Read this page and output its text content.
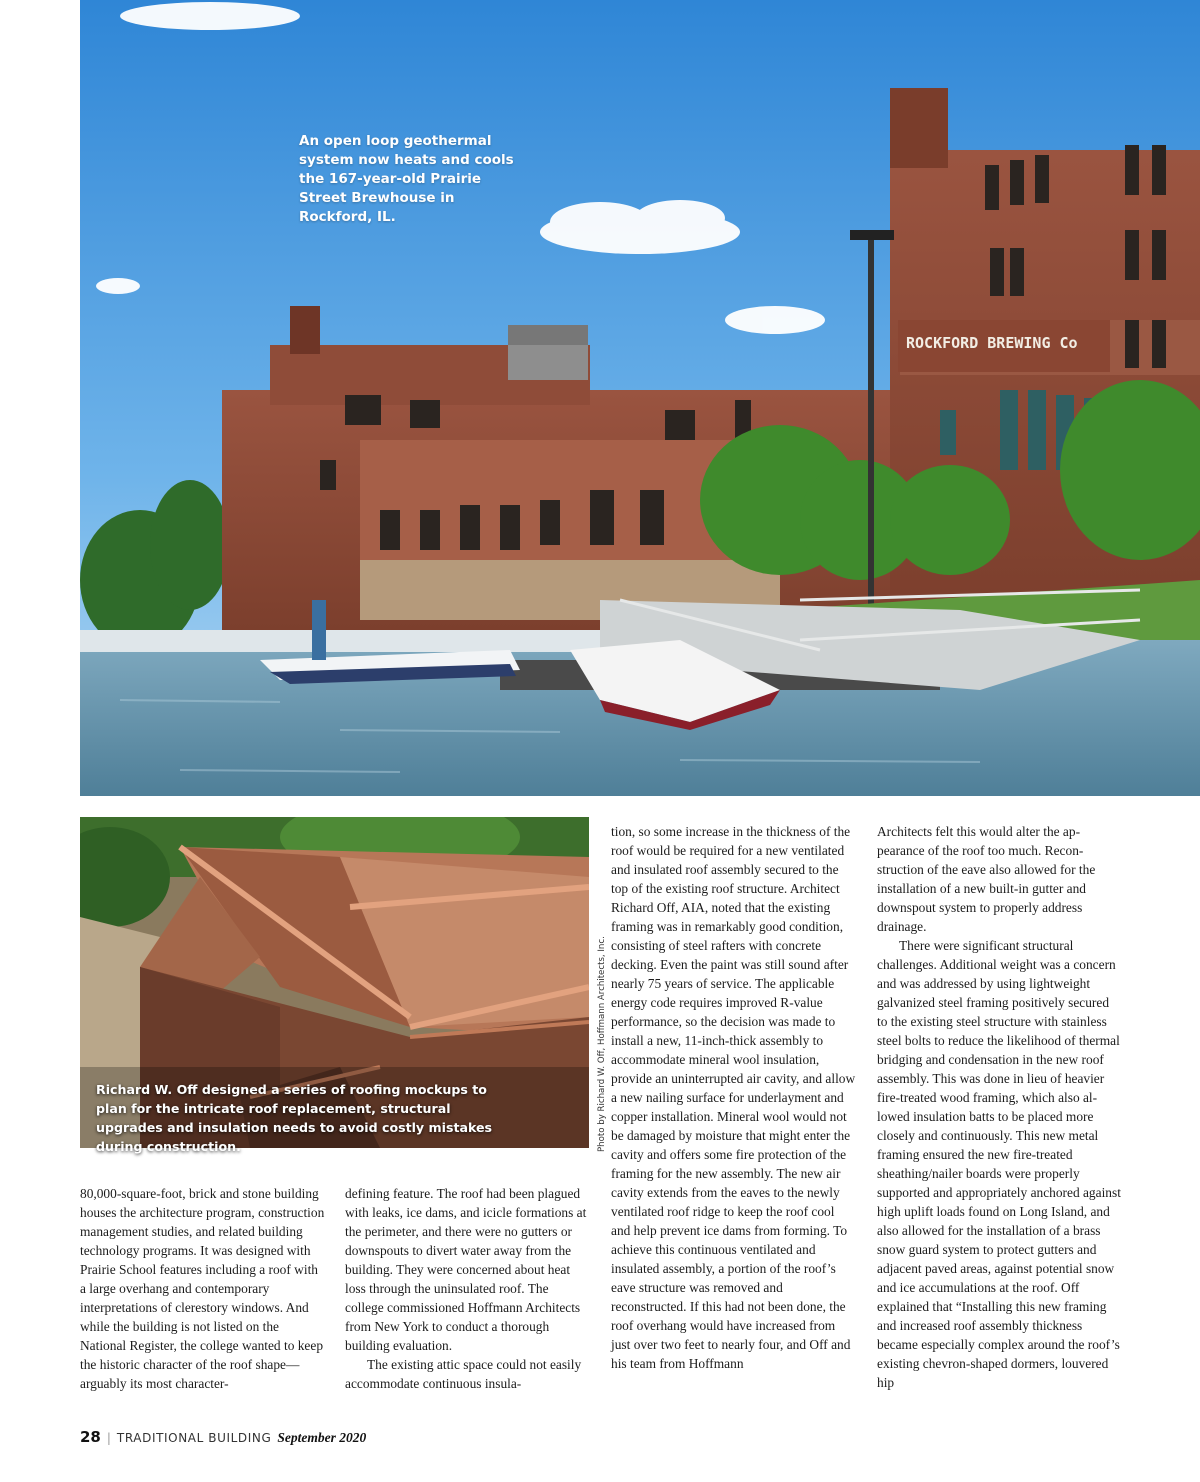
ROCKFORD BREWING Co
An open loop geothermal system now heats and cools the 167-year-old Prairie Street Brewhouse in Rockford, IL.
Richard W. Off designed a series of roofing mockups to plan for the intricate roof replacement, structural upgrades and insulation needs to avoid costly mistakes during construction.	Photo by Richard W. Off, Hoffmann Architects, Inc.

80,000-square-foot, brick and stone building houses the architecture program, construction management studies, and related building technology programs. It was designed with Prairie School features including a roof with a large overhang and contemporary interpretations of clerestory windows. And while the building is not listed on the National Register, the college wanted to keep the historic character of the roof shape—arguably its most character-

defining feature. The roof had been plagued with leaks, ice dams, and icicle formations at the perimeter, and there were no gutters or downspouts to divert water away from the building. They were concerned about heat loss through the uninsulated roof. The college commissioned Hoffmann Architects from New York to conduct a thorough building evaluation.

The existing attic space could not easily accommodate continuous insula-

tion, so some increase in the thickness of the roof would be required for a new ventilated and insulated roof assembly secured to the top of the existing roof structure. Architect Richard Off, AIA, noted that the existing framing was in remarkably good condition, consisting of steel rafters with concrete decking. Even the paint was still sound after nearly 75 years of service. The applicable energy code requires improved R-value performance, so the decision was made to install a new, 11-inch-thick assembly to accommodate mineral wool insulation, provide an uninterrupted air cavity, and allow a new nailing surface for underlayment and copper installation. Mineral wool would not be damaged by moisture that might enter the cavity and offers some fire protection of the framing for the new assembly. The new air cavity extends from the eaves to the newly ventilated roof ridge to keep the roof cool and help prevent ice dams from forming. To achieve this continuous ventilated and insulated assembly, a portion of the roof’s eave structure was removed and reconstructed. If this had not been done, the roof overhang would have increased from just over two feet to nearly four, and Off and his team from Hoffmann

Architects felt this would alter the appearance of the roof too much. Reconstruction of the eave also allowed for the installation of a new built-in gutter and downspout system to properly address drainage.

There were significant structural challenges. Additional weight was a concern and was addressed by using lightweight galvanized steel framing positively secured to the existing steel structure with stainless steel bolts to reduce the likelihood of thermal bridging and condensation in the new roof assembly. This was done in lieu of heavier fire-treated wood framing, which also allowed insulation batts to be placed more closely and continuously. This new metal framing ensured the new fire-treated sheathing/nailer boards were properly supported and appropriately anchored against high uplift loads found on Long Island, and also allowed for the installation of a brass snow guard system to protect gutters and adjacent paved areas, against potential snow and ice accumulations at the roof. Off explained that “Installing this new framing and increased roof assembly thickness became especially complex around the roof’s existing chevron-shaped dormers, louvered hip

28 | TRADITIONAL BUILDING September 2020
